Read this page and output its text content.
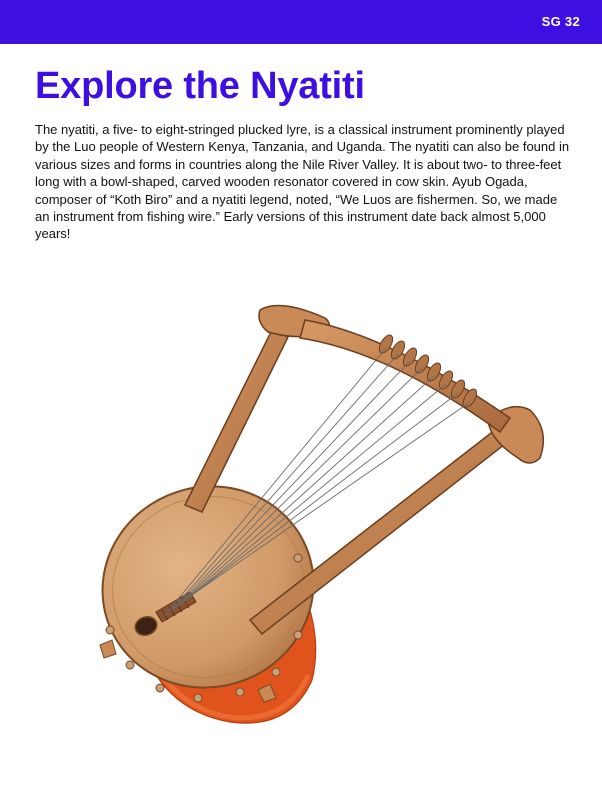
SG 32
Explore the Nyatiti

The nyatiti, a five- to eight-stringed plucked lyre, is a classical instrument prominently played by the Luo people of Western Kenya, Tanzania, and Uganda. The nyatiti can also be found in various sizes and forms in countries along the Nile River Valley. It is about two- to three-feet long with a bowl-shaped, carved wooden resonator covered in cow skin. Ayub Ogada, composer of “Koth Biro” and a nyatiti legend, noted, “We Luos are fishermen. So, we made an instrument from fishing wire.” Early versions of this instrument date back almost 5,000 years!
